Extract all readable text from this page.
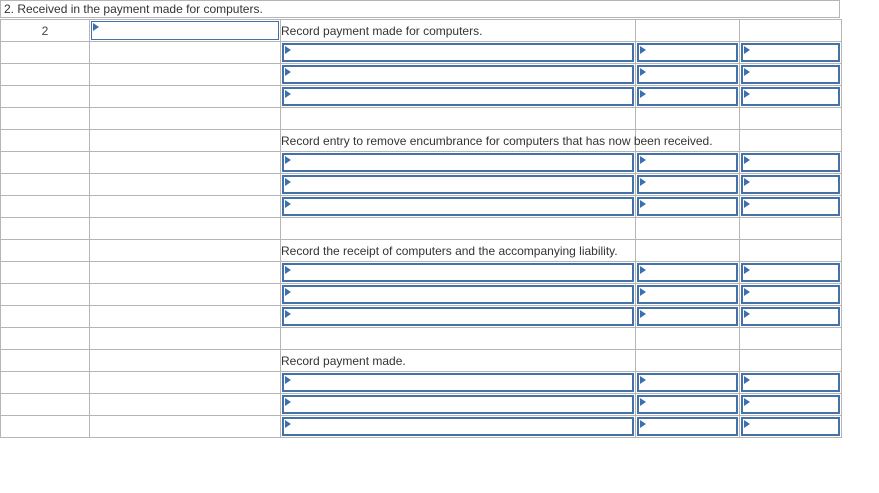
2. Received in the payment made for computers.
2		Record payment made for computers.		

		Record entry to remove encumbrance for computers that has now been received.		

		Record the receipt of computers and the accompanying liability.		

		Record payment made.		
